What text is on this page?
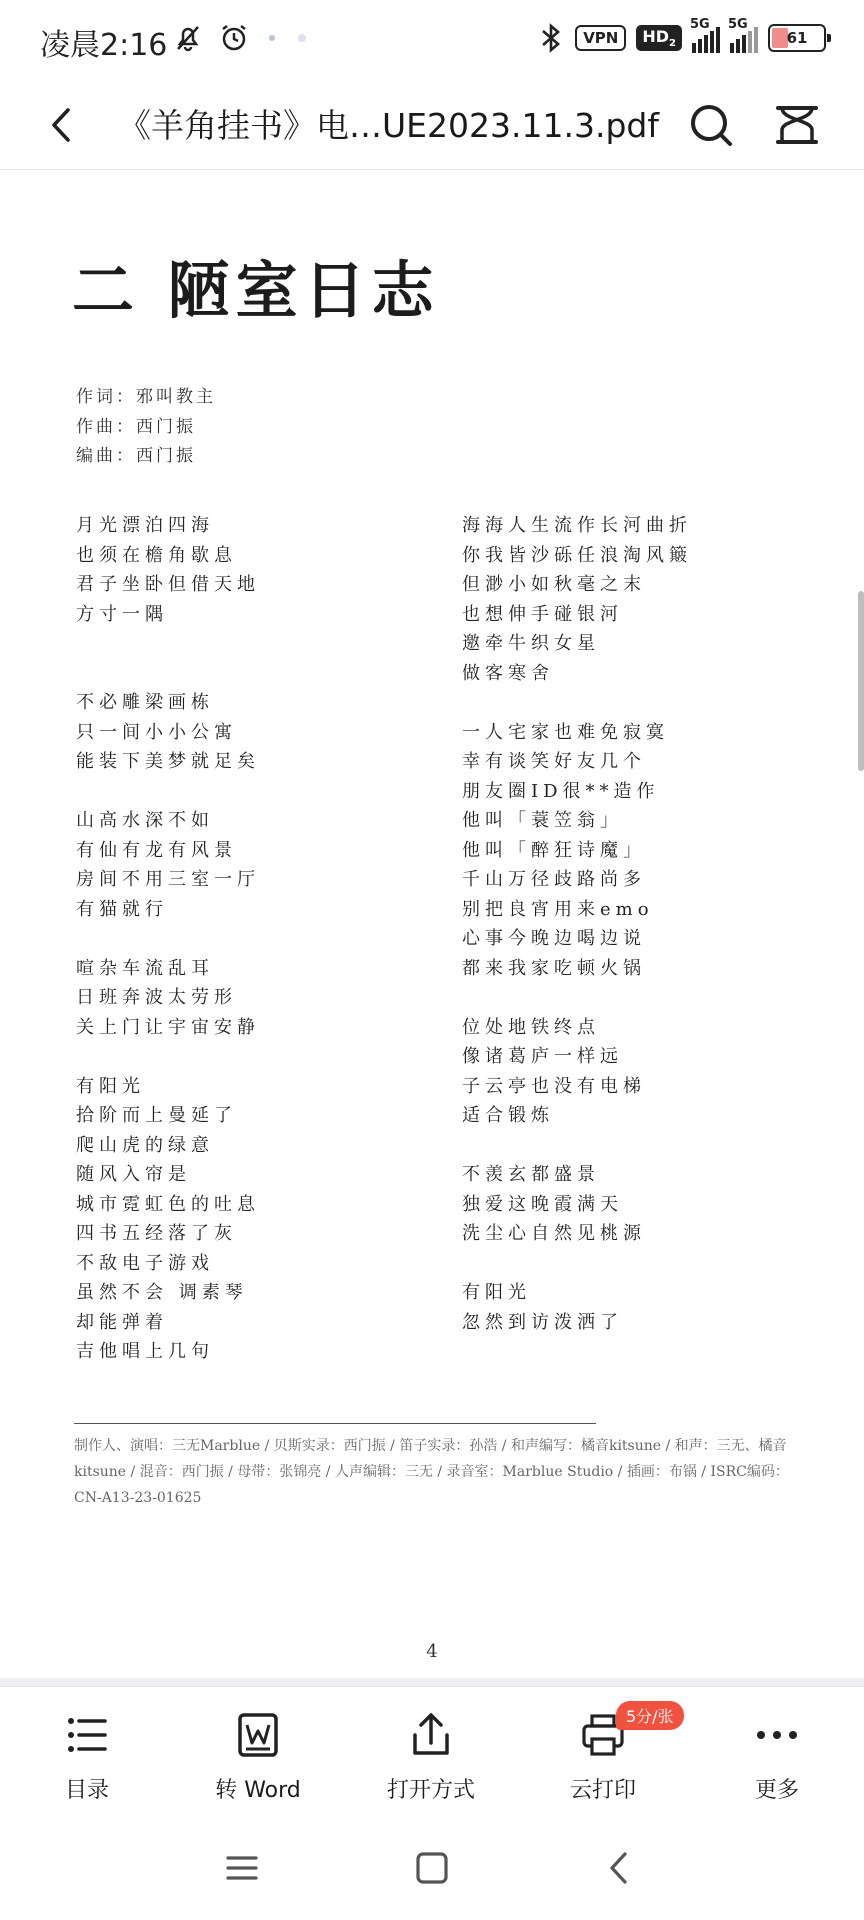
凌晨2:16	VPN	$HD_2$
5G 5G
61
《羊角挂书》电…UE2023.11.3.pdf
二 陋室日志
作词：邪叫教主
作曲：西门振
编曲：西门振
月光漂泊四海
也须在檐角歇息
君子坐卧但借天地
方寸一隅
不必雕梁画栋
只一间小小公寓
能装下美梦就足矣
山高水深不如
有仙有龙有风景
房间不用三室一厅
有猫就行
喧杂车流乱耳
日班奔波太劳形
关上门让宇宙安静
有阳光
拾阶而上曼延了
爬山虎的绿意
随风入帘是
城市霓虹色的吐息
四书五经落了灰
不敌电子游戏
虽然不会 调素琴
却能弹着
吉他唱上几句
海海人生流作长河曲折
你我皆沙砾任浪淘风簸
但渺小如秋毫之末
也想伸手碰银河
邀牵牛织女星
做客寒舍
一人宅家也难免寂寞
幸有谈笑好友几个
朋友圈ID很**造作
他叫「蓑笠翁」
他叫「醉狂诗魔」
千山万径歧路尚多
别把良宵用来emo
心事今晚边喝边说
都来我家吃顿火锅
位处地铁终点
像诸葛庐一样远
子云亭也没有电梯
适合锻炼
不羡玄都盛景
独爱这晚霞满天
洗尘心自然见桃源
有阳光
忽然到访泼洒了
制作人、演唱：三无Marblue / 贝斯实录：西门振 / 笛子实录：孙浩 / 和声编写：橘音kitsune / 和声：三无、橘音kitsune / 混音：西门振 / 母带：张锦亮 / 人声编辑：三无 / 录音室：Marblue Studio / 插画：布锅 / ISRC编码：CN-A13-23-01625
4
目录	转 Word	打开方式
5分/张
云打印	更多
